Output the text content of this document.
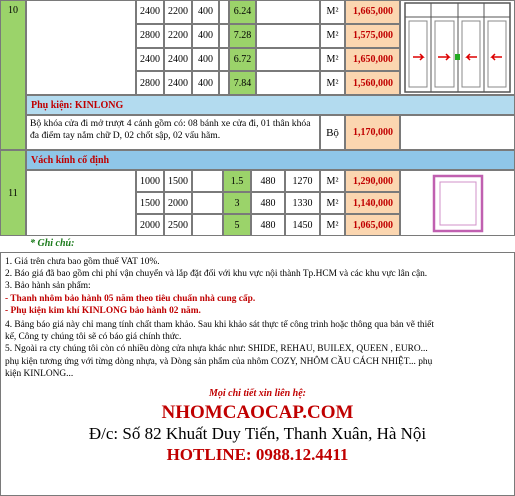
10	2400 2200	400	6.24	M²	1,665,000
2800 2200	400	7.28	M²	1,575,000
2400 2400	400	6.72	M²	1,650,000
2800 2400	400	7.84	M²	1,560,000
Phụ kiện: KINLONG
Bộ khóa cửa đi mở trượt 4 cánh gồm có: 08 bánh xe cửa đi, 01 thân khóa đa điểm tay nắm chữ D, 02 chốt sập, 02 vấu hãm.	Bộ 1,170,000
11
Vách kính cố định
1000 1500	1.5	480	1270	M²	1,290,000
1500 2000	3	480	1330	M²	1,140,000
2000 2500	5	480	1450	M²	1,065,000
* Ghi chú:
1. Giá trên chưa bao gồm thuế VAT 10%.
2. Báo giá đã bao gồm chi phí vận chuyển và lắp đặt đối với khu vực nội thành Tp.HCM và các khu vực lân cận.
3. Bảo hành sản phẩm:
- Thanh nhôm bảo hành 05 năm theo tiêu chuẩn nhà cung cấp.
- Phụ kiện kim khí KINLONG bảo hành 02 năm.
4. Bảng báo giá này chỉ mang tính chất tham khảo. Sau khi khảo sát thực tế công trình hoặc thông qua bản vẽ thiết
kế, Công ty chúng tôi sẽ có báo giá chính thức.
5. Ngoài ra cty chúng tôi còn có nhiều dòng cửa nhựa khác như: SHIDE, REHAU, BUILEX, QUEEN , EURO...
phụ kiện tương ứng với từng dòng nhựa, và Dòng sản phẩm của nhôm COZY, NHÔM CẦU CÁCH NHIỆT... phụ
kiện KINLONG...
Mọi chi tiết xin liên hệ:
NHOMCAOCAP.COM
Đ/c: Số 82 Khuất Duy Tiến, Thanh Xuân, Hà Nội
HOTLINE: 0988.12.4411
